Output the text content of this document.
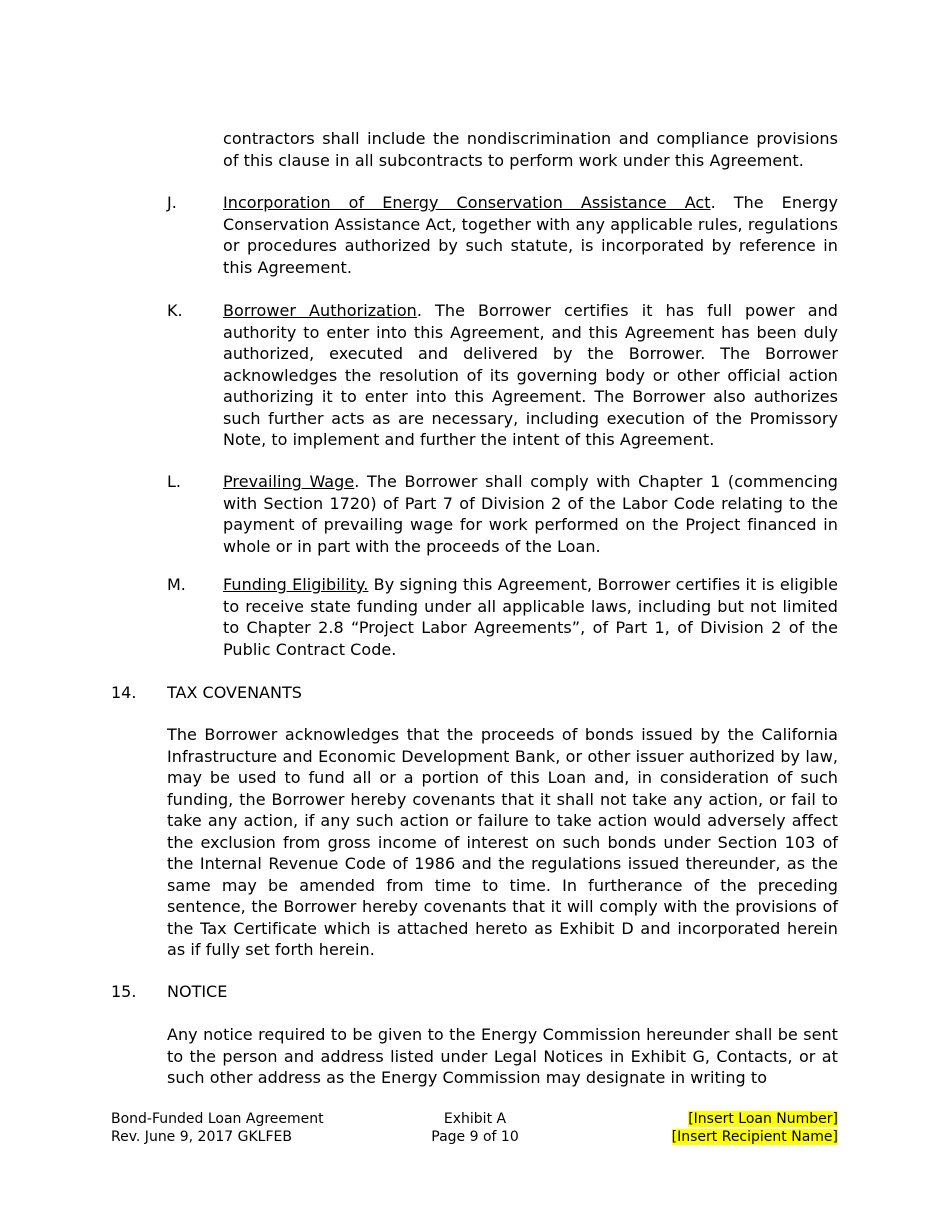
contractors shall include the nondiscrimination and compliance provisions of this clause in all subcontracts to perform work under this Agreement.
J.	Incorporation of Energy Conservation Assistance Act. The Energy Conservation Assistance Act, together with any applicable rules, regulations or procedures authorized by such statute, is incorporated by reference in this Agreement.
K.	Borrower Authorization. The Borrower certifies it has full power and authority to enter into this Agreement, and this Agreement has been duly authorized, executed and delivered by the Borrower. The Borrower acknowledges the resolution of its governing body or other official action authorizing it to enter into this Agreement. The Borrower also authorizes such further acts as are necessary, including execution of the Promissory Note, to implement and further the intent of this Agreement.
L.	Prevailing Wage. The Borrower shall comply with Chapter 1 (commencing with Section 1720) of Part 7 of Division 2 of the Labor Code relating to the payment of prevailing wage for work performed on the Project financed in whole or in part with the proceeds of the Loan.
M. Funding Eligibility. By signing this Agreement, Borrower certifies it is eligible to receive state funding under all applicable laws, including but not limited to Chapter 2.8 “Project Labor Agreements”, of Part 1, of Division 2 of the Public Contract Code.
14. TAX COVENANTS
The Borrower acknowledges that the proceeds of bonds issued by the California Infrastructure and Economic Development Bank, or other issuer authorized by law, may be used to fund all or a portion of this Loan and, in consideration of such funding, the Borrower hereby covenants that it shall not take any action, or fail to take any action, if any such action or failure to take action would adversely affect the exclusion from gross income of interest on such bonds under Section 103 of the Internal Revenue Code of 1986 and the regulations issued thereunder, as the same may be amended from time to time. In furtherance of the preceding sentence, the Borrower hereby covenants that it will comply with the provisions of the Tax Certificate which is attached hereto as Exhibit D and incorporated herein as if fully set forth herein.
15. NOTICE
Any notice required to be given to the Energy Commission hereunder shall be sent to the person and address listed under Legal Notices in Exhibit G, Contacts, or at such other address as the Energy Commission may designate in writing to
Bond-Funded Loan Agreement
Rev. June 9, 2017 GKLFEB
Exhibit A
Page 9 of 10
[Insert Loan Number]
[Insert Recipient Name]
